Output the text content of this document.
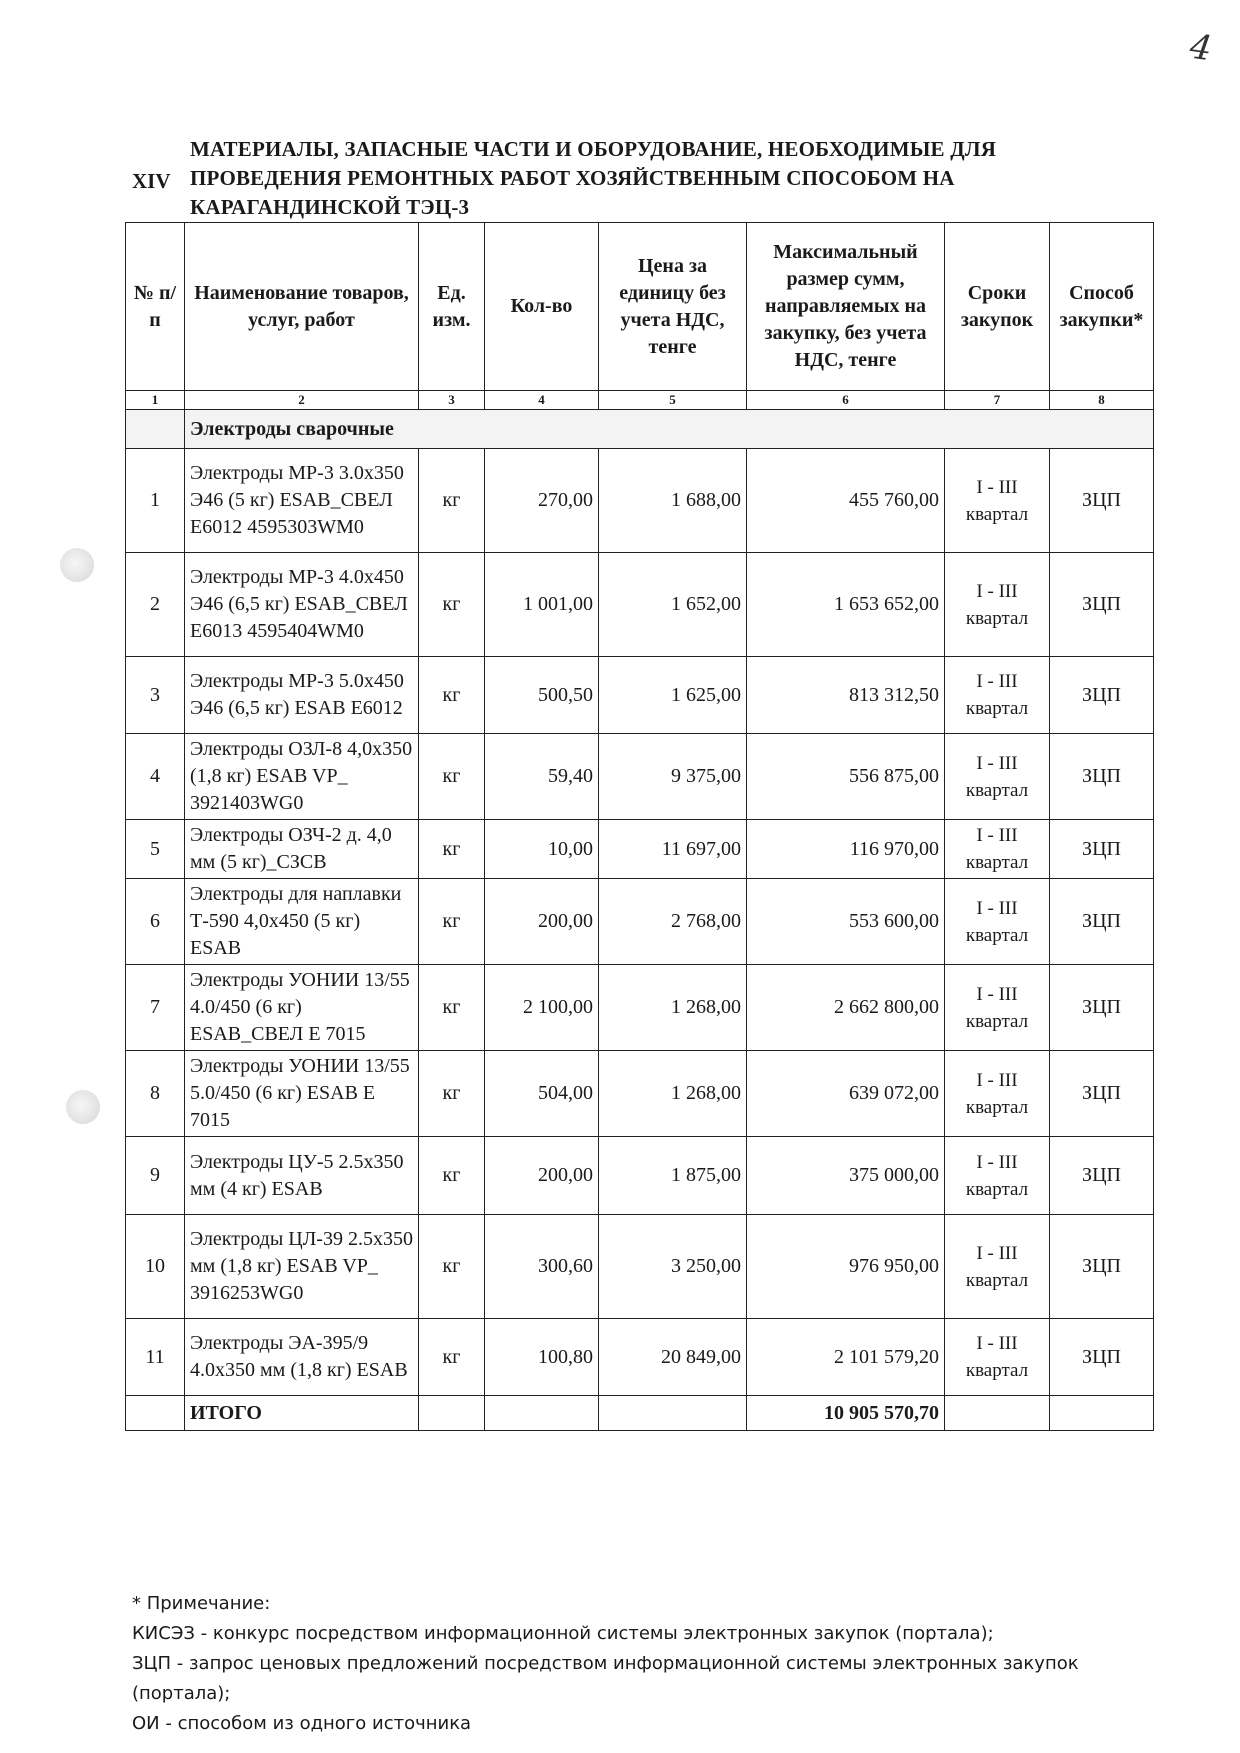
4
XIV
МАТЕРИАЛЫ, ЗАПАСНЫЕ ЧАСТИ И ОБОРУДОВАНИЕ, НЕОБХОДИМЫЕ ДЛЯ
ПРОВЕДЕНИЯ РЕМОНТНЫХ РАБОТ ХОЗЯЙСТВЕННЫМ СПОСОБОМ НА
КАРАГАНДИНСКОЙ ТЭЦ-3
№ п/п	Наименование товаров, услуг, работ	Ед. изм.	Кол-во	Цена за единицу без учета НДС, тенге	Максимальный размер сумм, направляемых на закупку, без учета НДС, тенге	Сроки закупок	Способ закупки*
1	2	3	4	5	6	7	8
	Электроды сварочные						
1	Электроды МР-3 3.0х350 Э46 (5 кг) ESAB_СВЕЛ Е6012 4595303WM0	кг	270,00	1 688,00	455 760,00	I - III квартал	ЗЦП
2	Электроды МР-3 4.0х450 Э46 (6,5 кг) ESAB_СВЕЛ Е6013 4595404WM0	кг	1 001,00	1 652,00	1 653 652,00	I - III квартал	ЗЦП
3	Электроды МР-3 5.0х450 Э46 (6,5 кг) ESAB E6012	кг	500,50	1 625,00	813 312,50	I - III квартал	ЗЦП
4	Электроды ОЗЛ-8 4,0х350 (1,8 кг) ESAB VP_ 3921403WG0	кг	59,40	9 375,00	556 875,00	I - III квартал	ЗЦП
5	Электроды ОЗЧ-2 д. 4,0 мм (5 кг)_СЗСВ	кг	10,00	11 697,00	116 970,00	I - III квартал	ЗЦП
6	Электроды для наплавки Т-590 4,0х450 (5 кг) ESAB	кг	200,00	2 768,00	553 600,00	I - III квартал	ЗЦП
7	Электроды УОНИИ 13/55 4.0/450 (6 кг) ESAB_СВЕЛ Е 7015	кг	2 100,00	1 268,00	2 662 800,00	I - III квартал	ЗЦП
8	Электроды УОНИИ 13/55 5.0/450 (6 кг) ESAB E 7015	кг	504,00	1 268,00	639 072,00	I - III квартал	ЗЦП
9	Электроды ЦУ-5 2.5х350 мм (4 кг) ESAB	кг	200,00	1 875,00	375 000,00	I - III квартал	ЗЦП
10	Электроды ЦЛ-39 2.5х350 мм (1,8 кг) ESAB VP_ 3916253WG0	кг	300,60	3 250,00	976 950,00	I - III квартал	ЗЦП
11	Электроды ЭА-395/9 4.0х350 мм (1,8 кг) ESAB	кг	100,80	20 849,00	2 101 579,20	I - III квартал	ЗЦП
	ИТОГО				10 905 570,70		
* Примечание:
КИСЭЗ - конкурс посредством информационной системы электронных закупок (портала);
ЗЦП - запрос ценовых предложений посредством информационной системы электронных закупок
(портала);
ОИ - способом из одного источника
